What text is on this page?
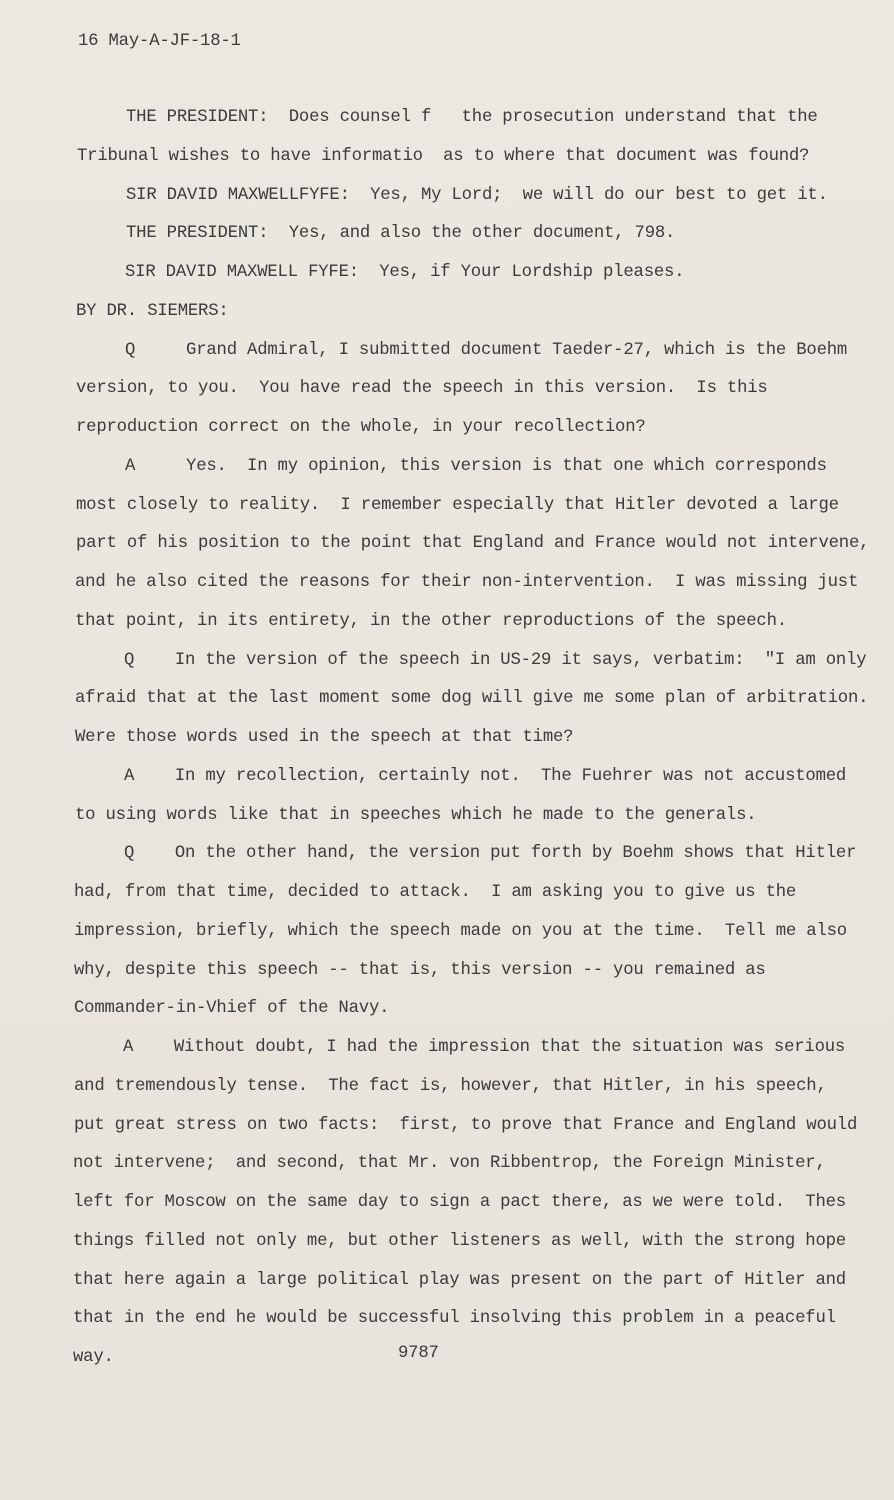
16 May-A-JF-18-1
THE PRESIDENT:  Does counsel f   the prosecution understand that the
Tribunal wishes to have informatio  as to where that document was found?
SIR DAVID MAXWELLFYFE:  Yes, My Lord;  we will do our best to get it.
THE PRESIDENT:  Yes, and also the other document, 798.
SIR DAVID MAXWELL FYFE:  Yes, if Your Lordship pleases.
BY DR. SIEMERS:
Q     Grand Admiral, I submitted document Taeder-27, which is the Boehm
version, to you.  You have read the speech in this version.  Is this
reproduction correct on the whole, in your recollection?
A     Yes.  In my opinion, this version is that one which corresponds
most closely to reality.  I remember especially that Hitler devoted a large
part of his position to the point that England and France would not intervene,
and he also cited the reasons for their non-intervention.  I was missing just
that point, in its entirety, in the other reproductions of the speech.
Q    In the version of the speech in US-29 it says, verbatim:  "I am only
afraid that at the last moment some dog will give me some plan of arbitration.
Were those words used in the speech at that time?
A    In my recollection, certainly not.  The Fuehrer was not accustomed
to using words like that in speeches which he made to the generals.
Q    On the other hand, the version put forth by Boehm shows that Hitler
had, from that time, decided to attack.  I am asking you to give us the
impression, briefly, which the speech made on you at the time.  Tell me also
why, despite this speech -- that is, this version -- you remained as
Commander-in-Vhief of the Navy.
A    Without doubt, I had the impression that the situation was serious
and tremendously tense.  The fact is, however, that Hitler, in his speech,
put great stress on two facts:  first, to prove that France and England would
not intervene;  and second, that Mr. von Ribbentrop, the Foreign Minister,
left for Moscow on the same day to sign a pact there, as we were told.  Thes
things filled not only me, but other listeners as well, with the strong hope
that here again a large political play was present on the part of Hitler and
that in the end he would be successful insolving this problem in a peaceful
way.	9787
